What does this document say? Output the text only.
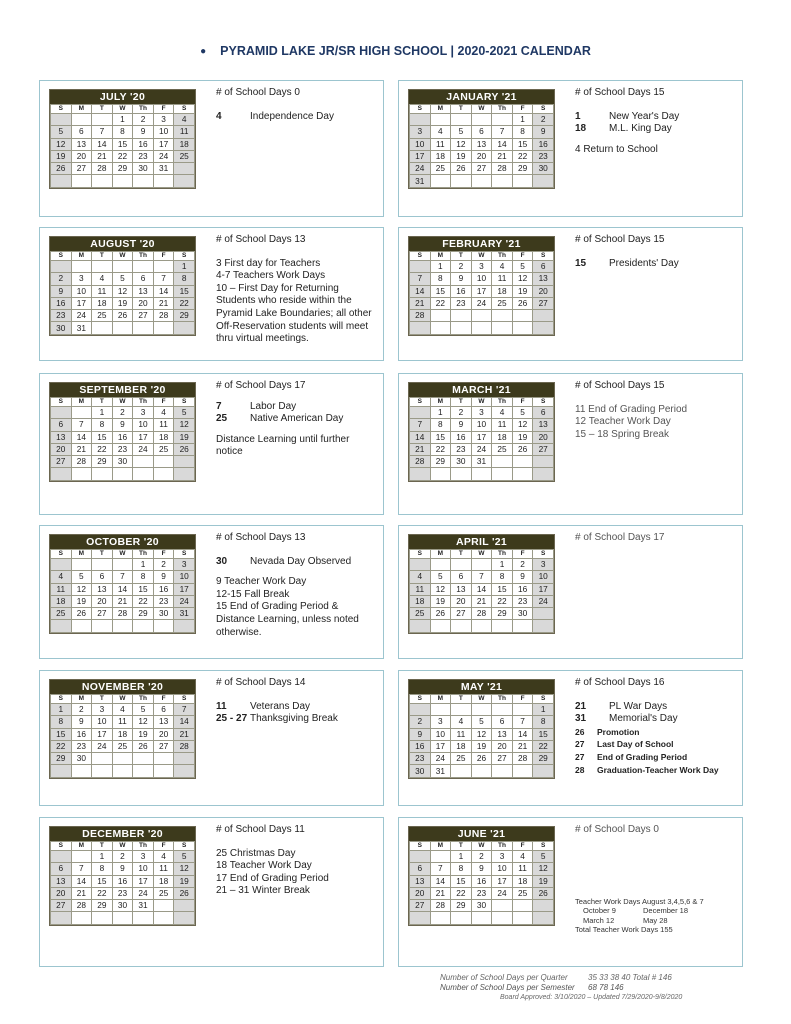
● PYRAMID LAKE JR/SR HIGH SCHOOL | 2020-2021 CALENDAR
JULY '20
S	M	T	W	Th	F	S
			1	2	3	4
5	6	7	8	9	10	11
12	13	14	15	16	17	18
19	20	21	22	23	24	25
26	27	28	29	30	31	

# of School Days 0
4	Independence Day
JANUARY '21
S	M	T	W	Th	F	S
					1	2
3	4	5	6	7	8	9
10	11	12	13	14	15	16
17	18	19	20	21	22	23
24	25	26	27	28	29	30
31						
# of School Days 15
1	New Year's Day
18	M.L. King Day

4 Return to School

AUGUST '20
S	M	T	W	Th	F	S
						1
2	3	4	5	6	7	8
9	10	11	12	13	14	15
16	17	18	19	20	21	22
23	24	25	26	27	28	29
30	31					
# of School Days 13

3 First day for Teachers

4-7 Teachers Work Days

10 – First Day for Returning Students who reside within the Pyramid Lake Boundaries; all other Off-Reservation students will meet thru virtual meetings.

FEBRUARY '21
S	M	T	W	Th	F	S
	1	2	3	4	5	6
7	8	9	10	11	12	13
14	15	16	17	18	19	20
21	22	23	24	25	26	27
28						

# of School Days 15
15	Presidents' Day
SEPTEMBER '20
S	M	T	W	Th	F	S
		1	2	3	4	5
6	7	8	9	10	11	12
13	14	15	16	17	18	19
20	21	22	23	24	25	26
27	28	29	30			

# of School Days 17
7	Labor Day
25	Native American Day

Distance Learning until further notice

MARCH '21
S	M	T	W	Th	F	S
	1	2	3	4	5	6
7	8	9	10	11	12	13
14	15	16	17	18	19	20
21	22	23	24	25	26	27
28	29	30	31			

# of School Days 15

11 End of Grading Period

12 Teacher Work Day

15 – 18 Spring Break

OCTOBER '20
S	M	T	W	Th	F	S
				1	2	3
4	5	6	7	8	9	10
11	12	13	14	15	16	17
18	19	20	21	22	23	24
25	26	27	28	29	30	31

# of School Days 13
30	Nevada Day Observed

9 Teacher Work Day

12-15 Fall Break

15 End of Grading Period & Distance Learning, unless noted otherwise.

APRIL '21
S	M	T	W	Th	F	S
				1	2	3
4	5	6	7	8	9	10
11	12	13	14	15	16	17
18	19	20	21	22	23	24
25	26	27	28	29	30	

# of School Days 17
NOVEMBER '20
S	M	T	W	Th	F	S
1	2	3	4	5	6	7
8	9	10	11	12	13	14
15	16	17	18	19	20	21
22	23	24	25	26	27	28
29	30					

# of School Days 14
11	Veterans Day
25 - 27 Thanksgiving Break
MAY '21
S	M	T	W	Th	F	S
						1
2	3	4	5	6	7	8
9	10	11	12	13	14	15
16	17	18	19	20	21	22
23	24	25	26	27	28	29
30	31					
# of School Days 16
21	PL War Days
31	Memorial's Day
26	Promotion
27	Last Day of School
27	End of Grading Period
28	Graduation-Teacher Work Day
DECEMBER '20
S	M	T	W	Th	F	S
		1	2	3	4	5
6	7	8	9	10	11	12
13	14	15	16	17	18	19
20	21	22	23	24	25	26
27	28	29	30	31		

# of School Days 11

25 Christmas Day

18 Teacher Work Day

17 End of Grading Period

21 – 31 Winter Break

JUNE '21
S	M	T	W	Th	F	S
		1	2	3	4	5
6	7	8	9	10	11	12
13	14	15	16	17	18	19
20	21	22	23	24	25	26
27	28	29	30			

# of School Days 0
Teacher Work Days August 3,4,5,6 & 7
October 9	December 18
March 12	May 28
Total Teacher Work Days 155
Number of School Days per Quarter	35 33 38 40 Total # 146
Number of School Days per Semester	68 78 146
Board Approved: 3/10/2020 – Updated 7/29/2020-9/8/2020
